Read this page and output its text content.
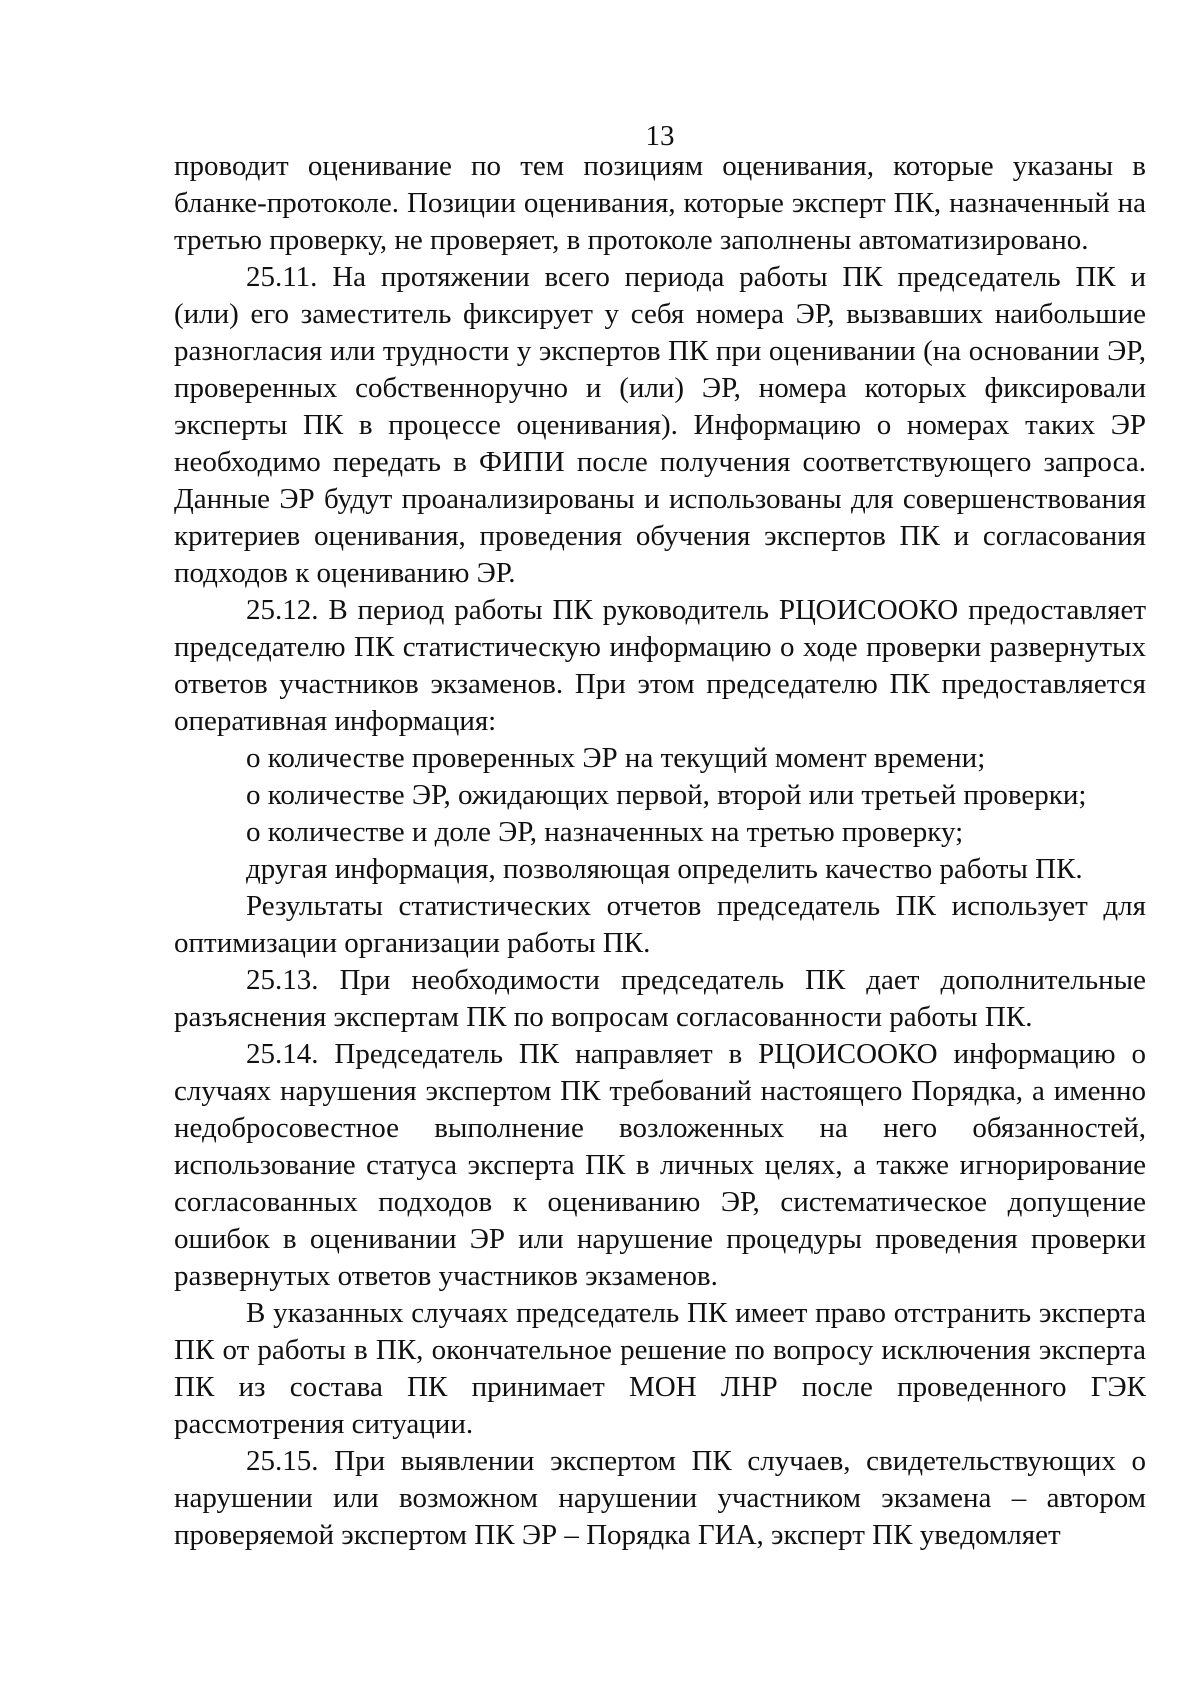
13

проводит оценивание по тем позициям оценивания, которые указаны в бланке-протоколе. Позиции оценивания, которые эксперт ПК, назначенный на третью проверку, не проверяет, в протоколе заполнены автоматизировано.

25.11. На протяжении всего периода работы ПК председатель ПК и (или) его заместитель фиксирует у себя номера ЭР, вызвавших наибольшие разногласия или трудности у экспертов ПК при оценивании (на основании ЭР, проверенных собственноручно и (или) ЭР, номера которых фиксировали эксперты ПК в процессе оценивания). Информацию о номерах таких ЭР необходимо передать в ФИПИ после получения соответствующего запроса. Данные ЭР будут проанализированы и использованы для совершенствования критериев оценивания, проведения обучения экспертов ПК и согласования подходов к оцениванию ЭР.

25.12. В период работы ПК руководитель РЦОИСООКО предоставляет председателю ПК статистическую информацию о ходе проверки развернутых ответов участников экзаменов. При этом председателю ПК предоставляется оперативная информация:

о количестве проверенных ЭР на текущий момент времени;

о количестве ЭР, ожидающих первой, второй или третьей проверки;

о количестве и доле ЭР, назначенных на третью проверку;

другая информация, позволяющая определить качество работы ПК.

Результаты статистических отчетов председатель ПК использует для оптимизации организации работы ПК.

25.13. При необходимости председатель ПК дает дополнительные разъяснения экспертам ПК по вопросам согласованности работы ПК.

25.14. Председатель ПК направляет в РЦОИСООКО информацию о случаях нарушения экспертом ПК требований настоящего Порядка, а именно недобросовестное выполнение возложенных на него обязанностей, использование статуса эксперта ПК в личных целях, а также игнорирование согласованных подходов к оцениванию ЭР, систематическое допущение ошибок в оценивании ЭР или нарушение процедуры проведения проверки развернутых ответов участников экзаменов.

В указанных случаях председатель ПК имеет право отстранить эксперта ПК от работы в ПК, окончательное решение по вопросу исключения эксперта ПК из состава ПК принимает МОН ЛНР после проведенного ГЭК рассмотрения ситуации.

25.15. При выявлении экспертом ПК случаев, свидетельствующих о нарушении или возможном нарушении участником экзамена – автором проверяемой экспертом ПК ЭР – Порядка ГИА, эксперт ПК уведомляет
